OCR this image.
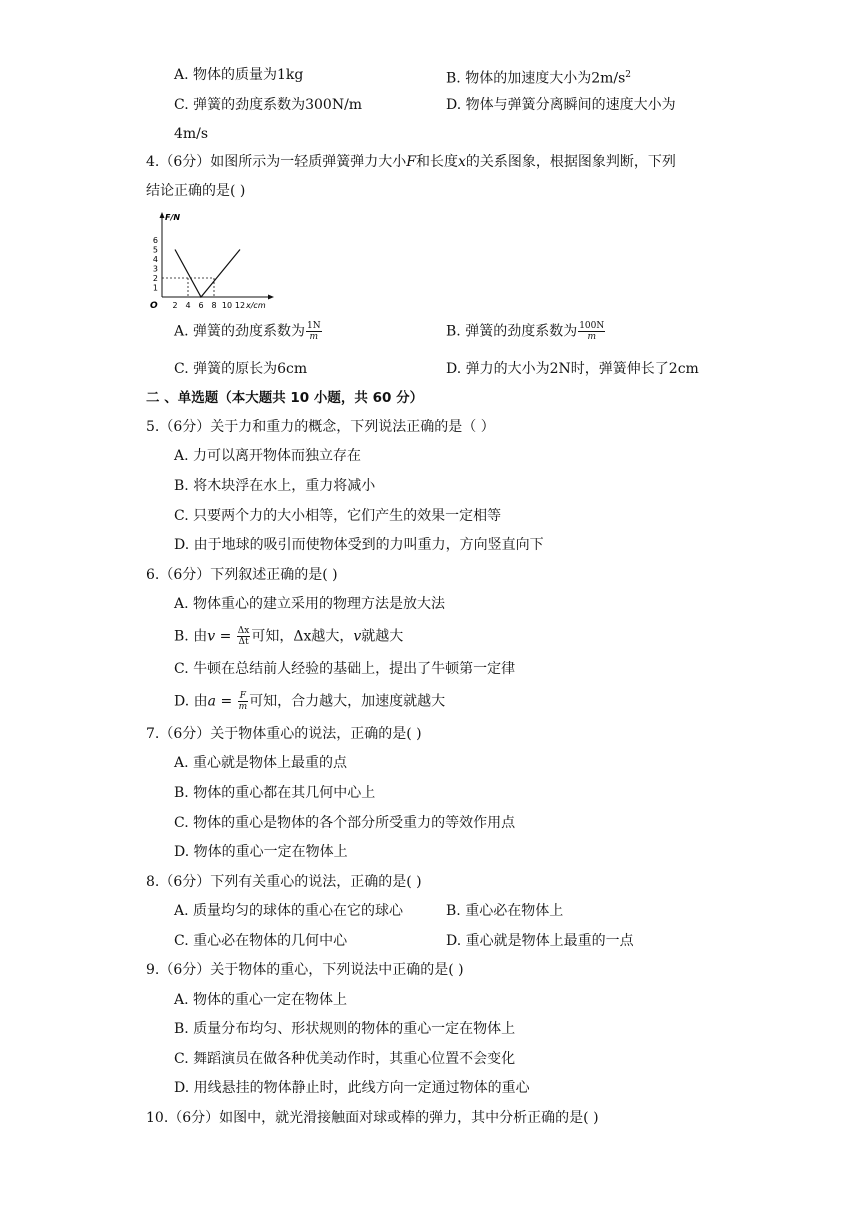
A. 物体的质量为1kg	B. 物体的加速度大小为$2m/s^2$
C. 弹簧的劲度系数为300N/m	D. 物体与弹簧分离瞬间的速度大小为
4m/s
4.（6分）如图所示为一轻质弹簧弹力大小F和长度x的关系图象，根据图象判断，下列
结论正确的是( )
F/N
x/cm
O
6
5
4
3
2
1
2 4 6 8 10 12
A. 弹簧的劲度系数为 $\frac{1N}{m}$	B. 弹簧的劲度系数为 $\frac{100N}{m}$
C. 弹簧的原长为6cm	D. 弹力的大小为2N时，弹簧伸长了2cm
二 、单选题（本大题共 10 小题，共 60 分）
5.（6分）关于力和重力的概念，下列说法正确的是（ ）
A. 力可以离开物体而独立存在
B. 将木块浮在水上，重力将减小
C. 只要两个力的大小相等，它们产生的效果一定相等
D. 由于地球的吸引而使物体受到的力叫重力，方向竖直向下
6.（6分）下列叙述正确的是( )
A. 物体重心的建立采用的物理方法是放大法
B. 由$v = \frac{\Delta x}{\Delta t}$ 可知，Δx越大，v就越大
C. 牛顿在总结前人经验的基础上，提出了牛顿第一定律
D. 由$a = \frac{F}{m}$ 可知，合力越大，加速度就越大
7.（6分）关于物体重心的说法，正确的是( )
A. 重心就是物体上最重的点
B. 物体的重心都在其几何中心上
C. 物体的重心是物体的各个部分所受重力的等效作用点
D. 物体的重心一定在物体上
8.（6分）下列有关重心的说法，正确的是( )
A. 质量均匀的球体的重心在它的球心	B. 重心必在物体上
C. 重心必在物体的几何中心	D. 重心就是物体上最重的一点
9.（6分）关于物体的重心，下列说法中正确的是( )
A. 物体的重心一定在物体上
B. 质量分布均匀、形状规则的物体的重心一定在物体上
C. 舞蹈演员在做各种优美动作时，其重心位置不会变化
D. 用线悬挂的物体静止时，此线方向一定通过物体的重心
10.（6分）如图中，就光滑接触面对球或棒的弹力，其中分析正确的是( )
